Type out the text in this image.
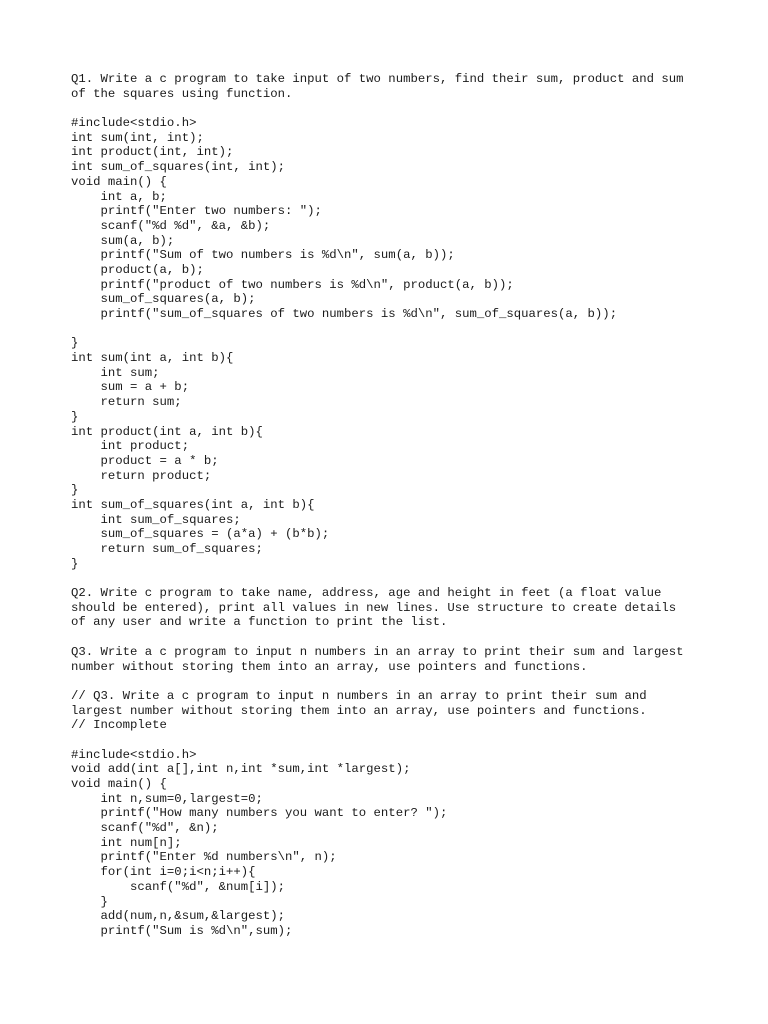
Q1. Write a c program to take input of two numbers, find their sum, product and sum
of the squares using function.
#include<stdio.h>
int sum(int, int);
int product(int, int);
int sum_of_squares(int, int);
void main() {
int a, b;
printf("Enter two numbers: ");
scanf("%d %d", &a, &b);
sum(a, b);
printf("Sum of two numbers is %d\n", sum(a, b));
product(a, b);
printf("product of two numbers is %d\n", product(a, b));
sum_of_squares(a, b);
printf("sum_of_squares of two numbers is %d\n", sum_of_squares(a, b));
}
int sum(int a, int b){
int sum;
sum = a + b;
return sum;
}
int product(int a, int b){
int product;
product = a * b;
return product;
}
int sum_of_squares(int a, int b){
int sum_of_squares;
sum_of_squares = (a*a) + (b*b);
return sum_of_squares;
}
Q2. Write c program to take name, address, age and height in feet (a float value
should be entered), print all values in new lines. Use structure to create details
of any user and write a function to print the list.
Q3. Write a c program to input n numbers in an array to print their sum and largest
number without storing them into an array, use pointers and functions.
// Q3. Write a c program to input n numbers in an array to print their sum and
largest number without storing them into an array, use pointers and functions.
// Incomplete
#include<stdio.h>
void add(int a[],int n,int *sum,int *largest);
void main() {
int n,sum=0,largest=0;
printf("How many numbers you want to enter? ");
scanf("%d", &n);
int num[n];
printf("Enter %d numbers\n", n);
for(int i=0;i<n;i++){
scanf("%d", &num[i]);
}
add(num,n,&sum,&largest);
printf("Sum is %d\n",sum);
